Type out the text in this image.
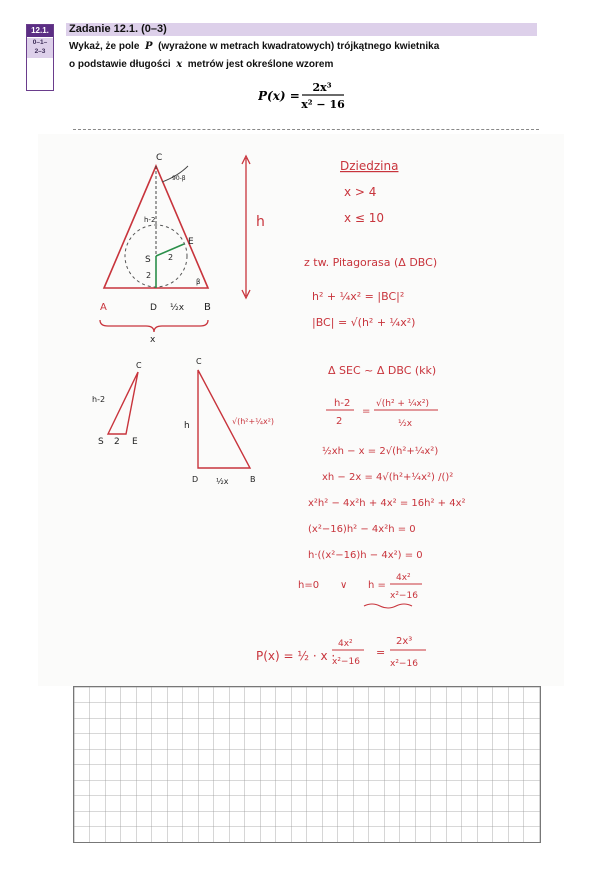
12.1.
0–1–
2–3
Zadanie 12.1. (0–3)
Wykaż, że pole P (wyrażone w metrach kwadratowych) trójkątnego kwietnika
o podstawie długości x metrów jest określone wzorem
P(x) =
2x³
x² − 16
C
A	D ½x B
E
S
h-2
2
2
90-β
β
x
h
Dziedzina
x > 4
x ≤ 10
z tw. Pitagorasa (Δ DBC)
h² + ¼x² = |BC|²
|BC| = √(h² + ¼x²)
C
h-2
S 2 E
C
h	√(h²+¼x²)
D ½x	B
Δ SEC ~ Δ DBC (kk)
h-2
2
=
√(h² + ¼x²)
½x
½xh − x = 2√(h²+¼x²)
xh − 2x = 4√(h²+¼x²) /()²
x²h² − 4x²h + 4x² = 16h² + 4x²
(x²−16)h² − 4x²h = 0
h·((x²−16)h − 4x²) = 0
h=0 ∨ h =
4x²
x²−16
P(x) = ½ · x ·
4x²
x²−16
=
2x³
x²−16
